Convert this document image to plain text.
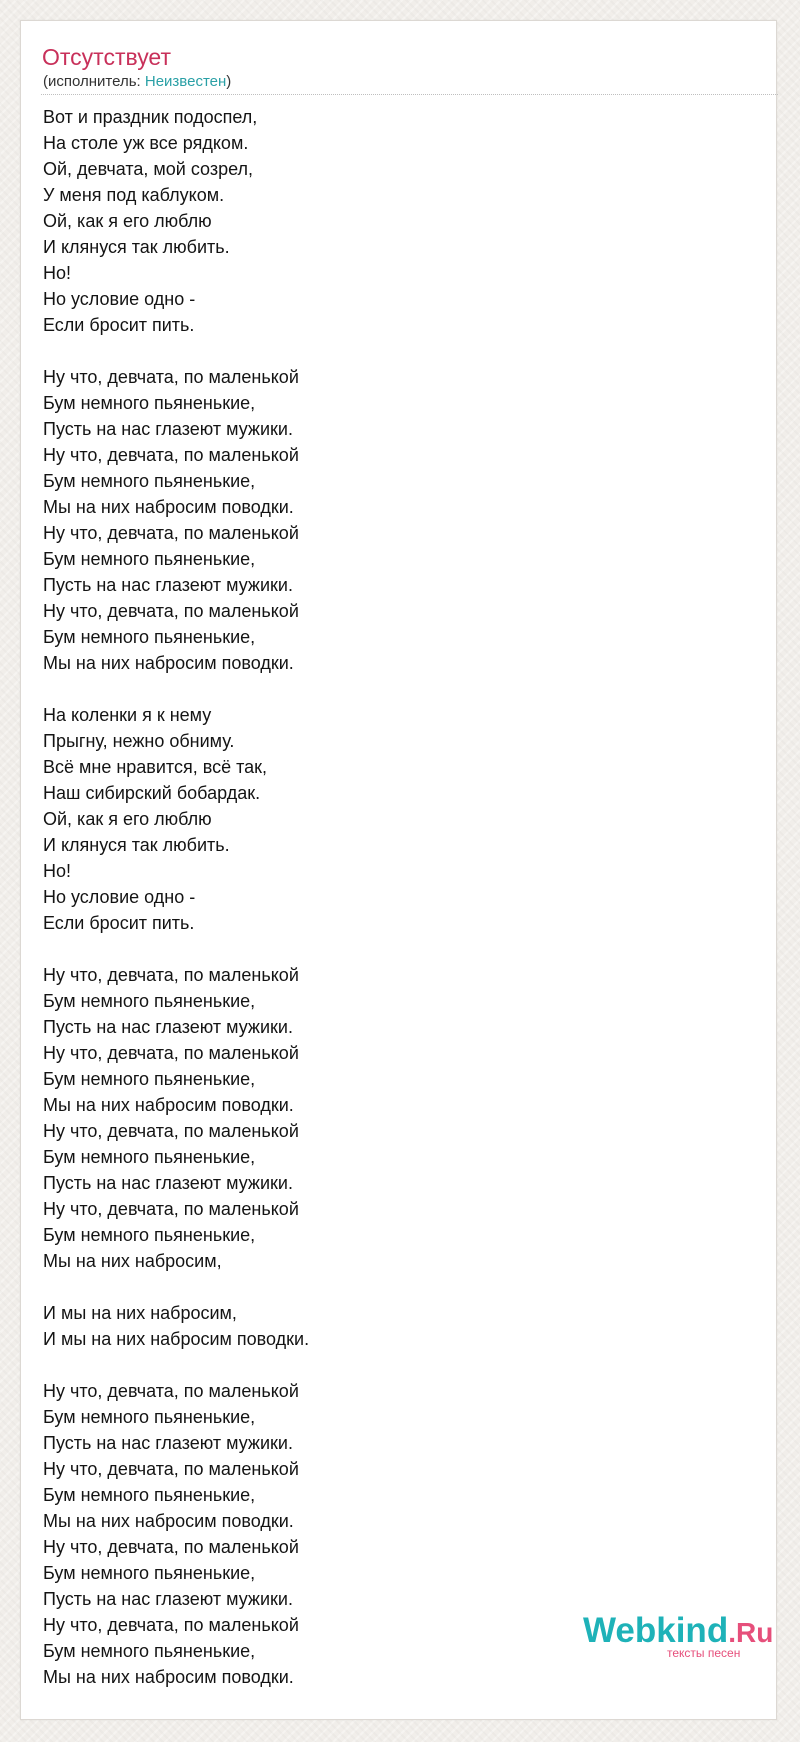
Отсутствует
(исполнитель: Неизвестен)
Вот и праздник подоспел,
На столе уж все рядком.
Ой, девчата, мой созрел,
У меня под каблуком.
Ой, как я его люблю
И клянуся так любить.
Но!
Но условие одно -
Если бросит пить.
Ну что, девчата, по маленькой
Бум немного пьяненькие,
Пусть на нас глазеют мужики.
Ну что, девчата, по маленькой
Бум немного пьяненькие,
Мы на них набросим поводки.
Ну что, девчата, по маленькой
Бум немного пьяненькие,
Пусть на нас глазеют мужики.
Ну что, девчата, по маленькой
Бум немного пьяненькие,
Мы на них набросим поводки.
На коленки я к нему
Прыгну, нежно обниму.
Всё мне нравится, всё так,
Наш сибирский бобардак.
Ой, как я его люблю
И клянуся так любить.
Но!
Но условие одно -
Если бросит пить.
Ну что, девчата, по маленькой
Бум немного пьяненькие,
Пусть на нас глазеют мужики.
Ну что, девчата, по маленькой
Бум немного пьяненькие,
Мы на них набросим поводки.
Ну что, девчата, по маленькой
Бум немного пьяненькие,
Пусть на нас глазеют мужики.
Ну что, девчата, по маленькой
Бум немного пьяненькие,
Мы на них набросим,
И мы на них набросим,
И мы на них набросим поводки.
Ну что, девчата, по маленькой
Бум немного пьяненькие,
Пусть на нас глазеют мужики.
Ну что, девчата, по маленькой
Бум немного пьяненькие,
Мы на них набросим поводки.
Ну что, девчата, по маленькой
Бум немного пьяненькие,
Пусть на нас глазеют мужики.
Ну что, девчата, по маленькой
Бум немного пьяненькие,
Мы на них набросим поводки.
Webkind.Ru
тексты песен
